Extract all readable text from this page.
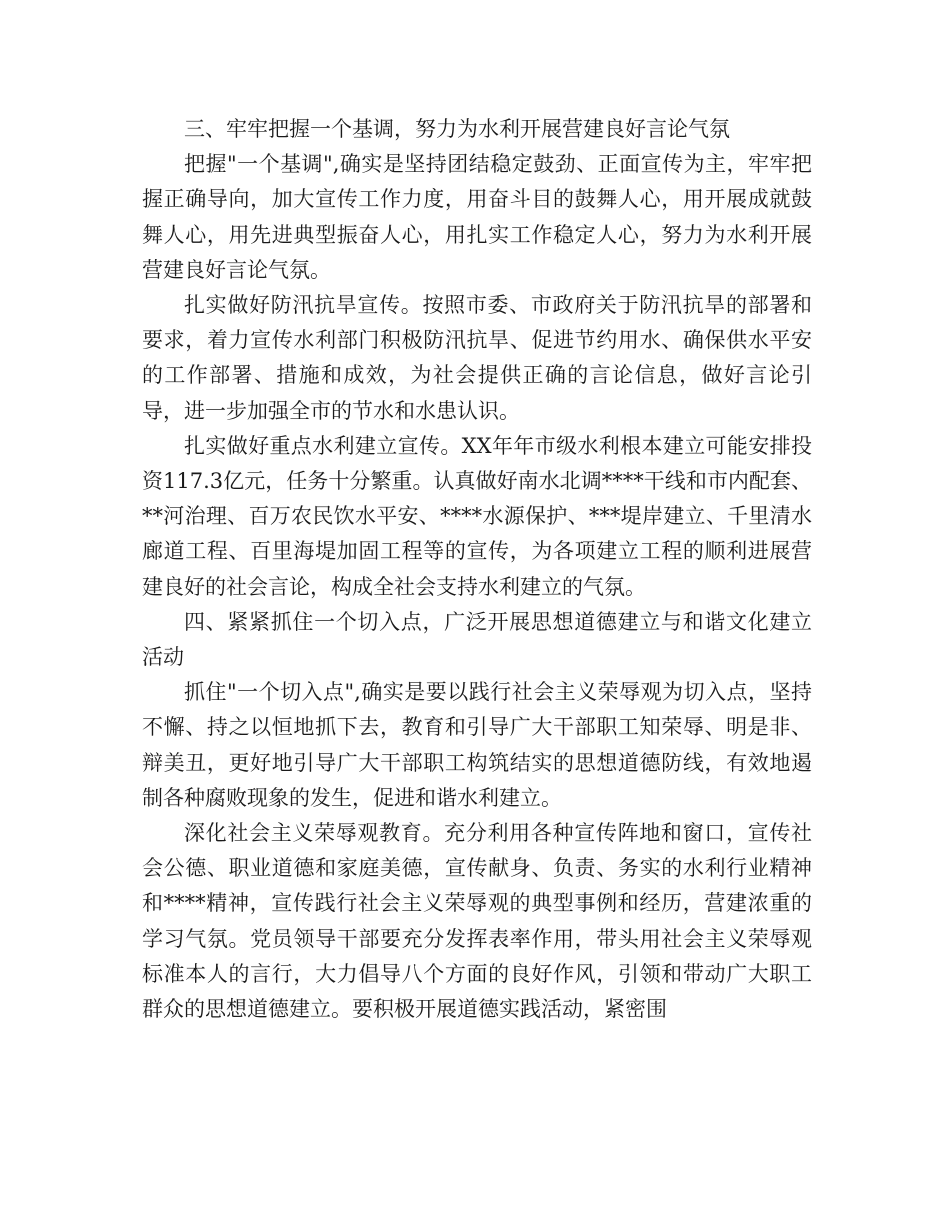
三、牢牢把握一个基调，努力为水利开展营建良好言论气氛

把握"一个基调",确实是坚持团结稳定鼓劲、正面宣传为主，牢牢把握正确导向，加大宣传工作力度，用奋斗目的鼓舞人心，用开展成就鼓舞人心，用先进典型振奋人心，用扎实工作稳定人心，努力为水利开展营建良好言论气氛。

扎实做好防汛抗旱宣传。按照市委、市政府关于防汛抗旱的部署和要求，着力宣传水利部门积极防汛抗旱、促进节约用水、确保供水平安的工作部署、措施和成效，为社会提供正确的言论信息，做好言论引导，进一步加强全市的节水和水患认识。

扎实做好重点水利建立宣传。XX年年市级水利根本建立可能安排投资117.3亿元，任务十分繁重。认真做好南水北调****干线和市内配套、**河治理、百万农民饮水平安、****水源保护、***堤岸建立、千里清水廊道工程、百里海堤加固工程等的宣传，为各项建立工程的顺利进展营建良好的社会言论，构成全社会支持水利建立的气氛。

四、紧紧抓住一个切入点，广泛开展思想道德建立与和谐文化建立活动

抓住"一个切入点",确实是要以践行社会主义荣辱观为切入点，坚持不懈、持之以恒地抓下去，教育和引导广大干部职工知荣辱、明是非、辩美丑，更好地引导广大干部职工构筑结实的思想道德防线，有效地遏制各种腐败现象的发生，促进和谐水利建立。

深化社会主义荣辱观教育。充分利用各种宣传阵地和窗口，宣传社会公德、职业道德和家庭美德，宣传献身、负责、务实的水利行业精神和****精神，宣传践行社会主义荣辱观的典型事例和经历，营建浓重的学习气氛。党员领导干部要充分发挥表率作用，带头用社会主义荣辱观标准本人的言行，大力倡导八个方面的良好作风，引领和带动广大职工群众的思想道德建立。要积极开展道德实践活动，紧密围
